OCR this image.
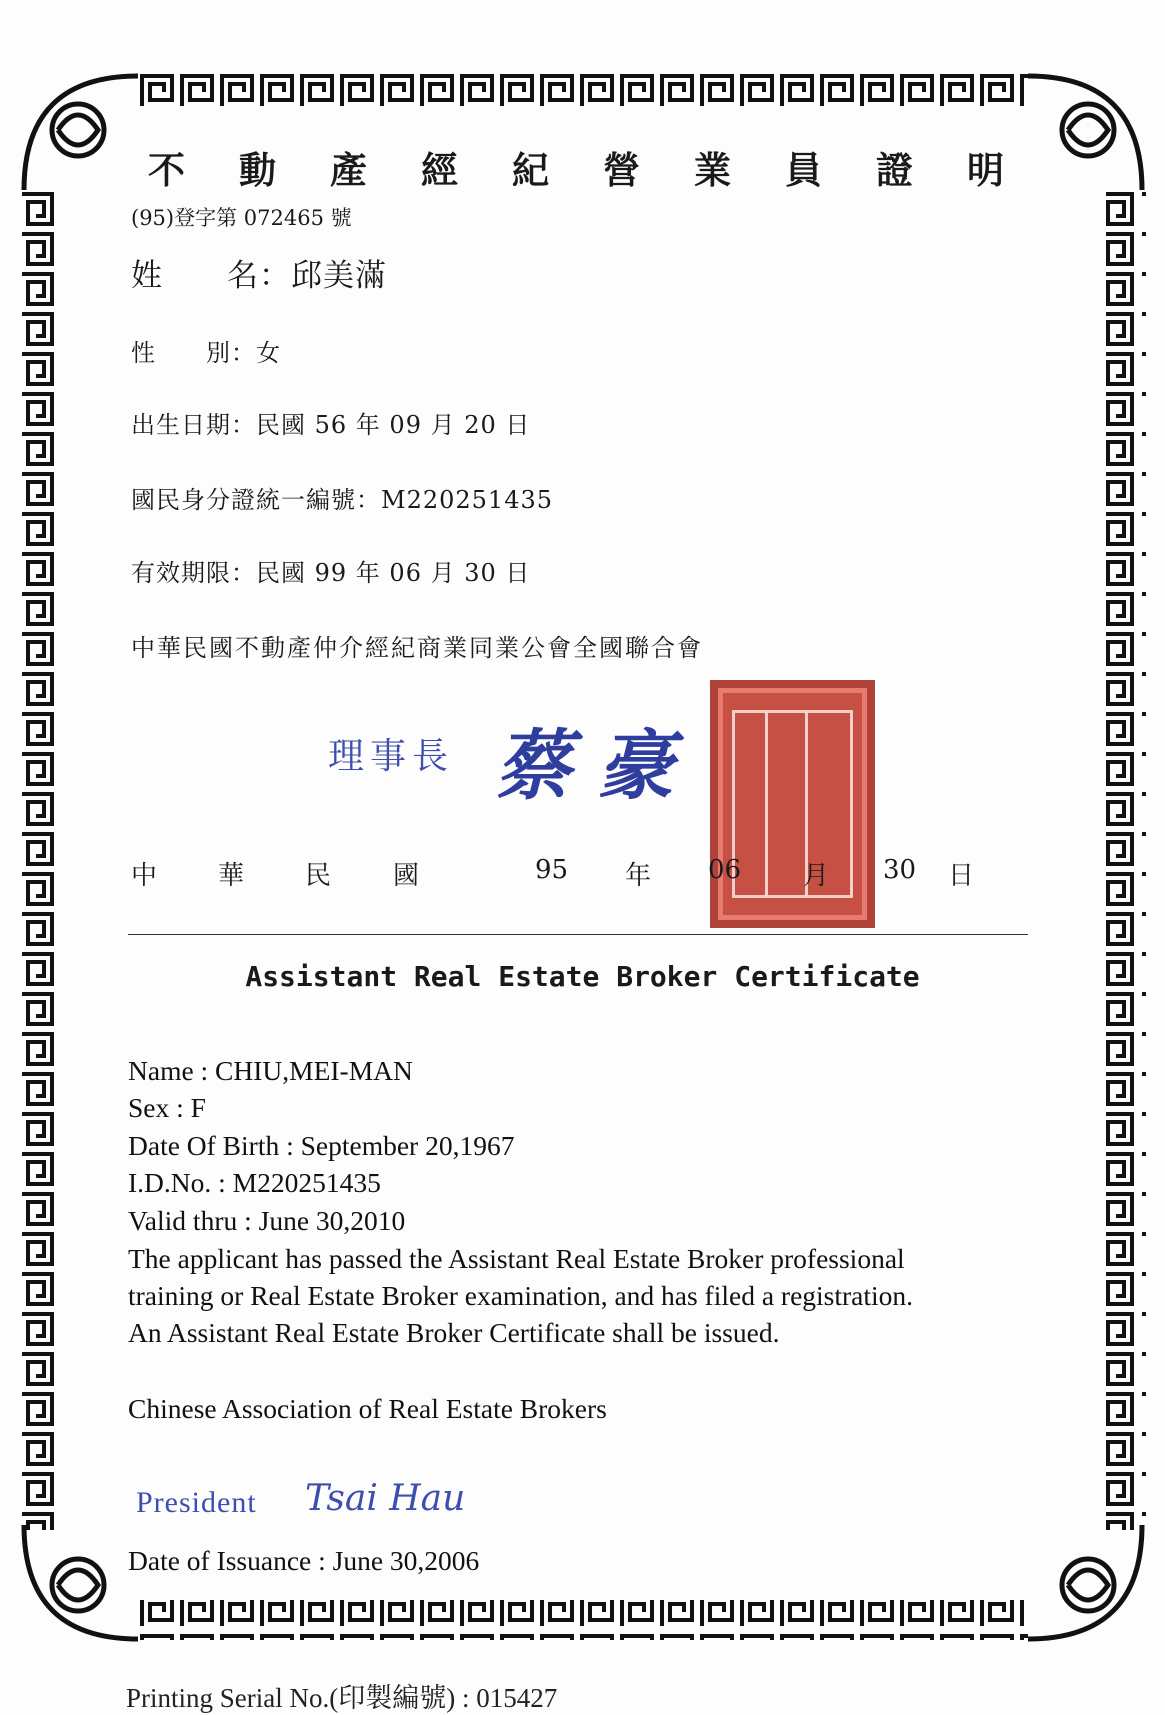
不 動 產 經 紀 營 業 員 證 明
(95)登字第 072465 號
姓　　名：邱美滿
性　　別：女
出生日期：民國 56 年 09 月 20 日
國民身分證統一編號：M220251435
有效期限：民國 99 年 06 月 30 日
中華民國不動產仲介經紀商業同業公會全國聯合會
理事長 蔡 豪
中 華 民 國	95 年 06 月 30 日
Assistant Real Estate Broker Certificate
Name : CHIU,MEI-MAN
Sex : F
Date Of Birth : September 20,1967
I.D.No. : M220251435
Valid thru : June 30,2010
The applicant has passed the Assistant Real Estate Broker professional
training or Real Estate Broker examination, and has filed a registration.
An Assistant Real Estate Broker Certificate shall be issued.
Chinese Association of Real Estate Brokers
President Tsai Hau
Date of Issuance : June 30,2006
Printing Serial No.(印製編號) : 015427
